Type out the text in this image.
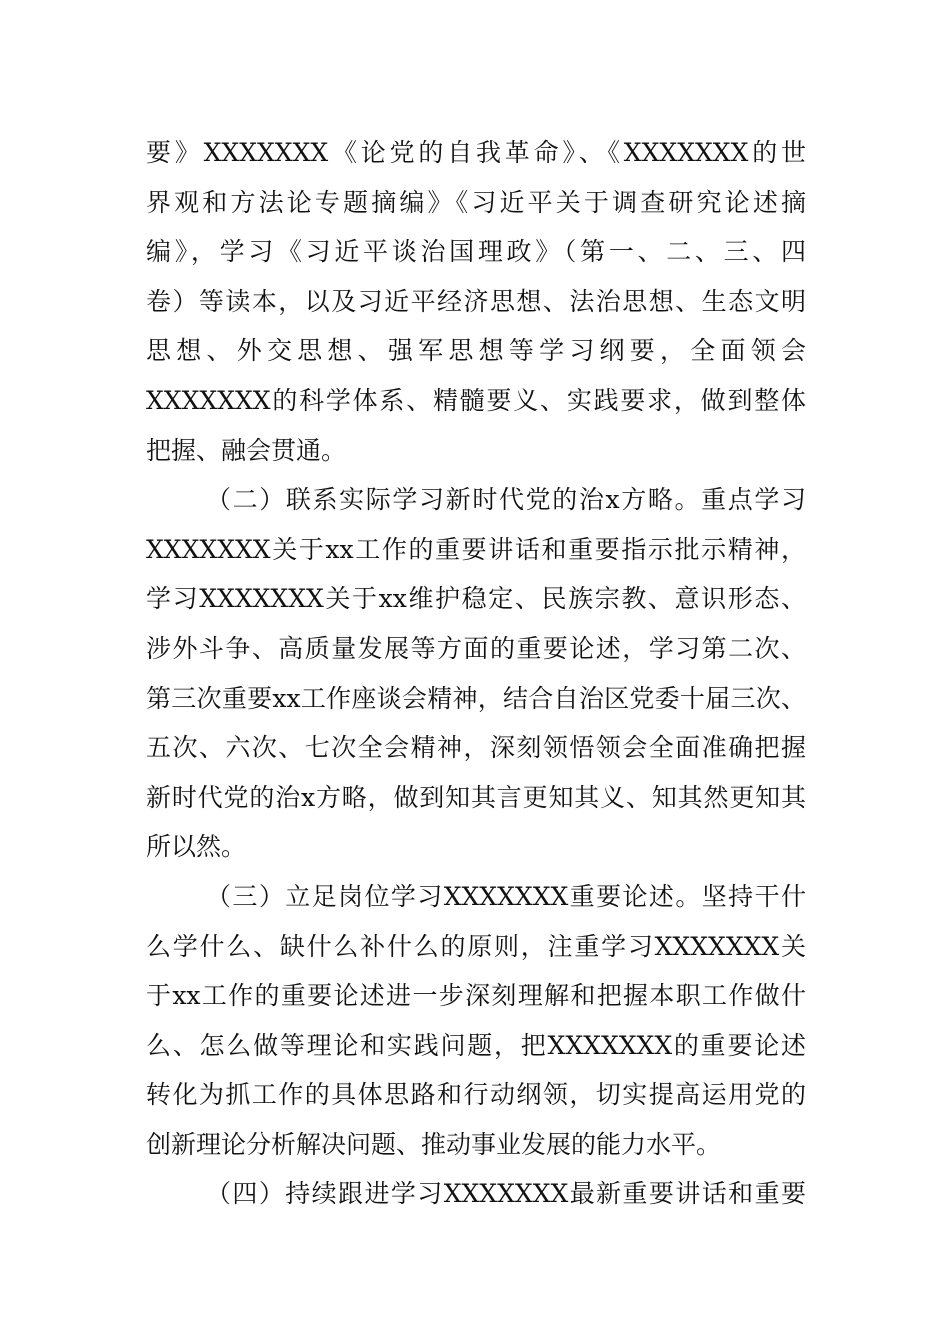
要》XXXXXXX《论党的自我革命》、《XXXXXXX的世
界观和方法论专题摘编》《习近平关于调查研究论述摘
编》，学习《习近平谈治国理政》（第一、二、三、四
卷）等读本，以及习近平经济思想、法治思想、生态文明
思想、外交思想、强军思想等学习纲要，全面领会
XXXXXXX的科学体系、精髓要义、实践要求，做到整体
把握、融会贯通。
（二）联系实际学习新时代党的治x方略。重点学习
XXXXXXX关于xx工作的重要讲话和重要指示批示精神，
学习XXXXXXX关于xx维护稳定、民族宗教、意识形态、
涉外斗争、高质量发展等方面的重要论述，学习第二次、
第三次重要xx工作座谈会精神，结合自治区党委十届三次、
五次、六次、七次全会精神，深刻领悟领会全面准确把握
新时代党的治x方略，做到知其言更知其义、知其然更知其
所以然。
（三）立足岗位学习XXXXXXX重要论述。坚持干什
么学什么、缺什么补什么的原则，注重学习XXXXXXX关
于xx工作的重要论述进一步深刻理解和把握本职工作做什
么、怎么做等理论和实践问题，把XXXXXXX的重要论述
转化为抓工作的具体思路和行动纲领，切实提高运用党的
创新理论分析解决问题、推动事业发展的能力水平。
（四）持续跟进学习XXXXXXX最新重要讲话和重要
